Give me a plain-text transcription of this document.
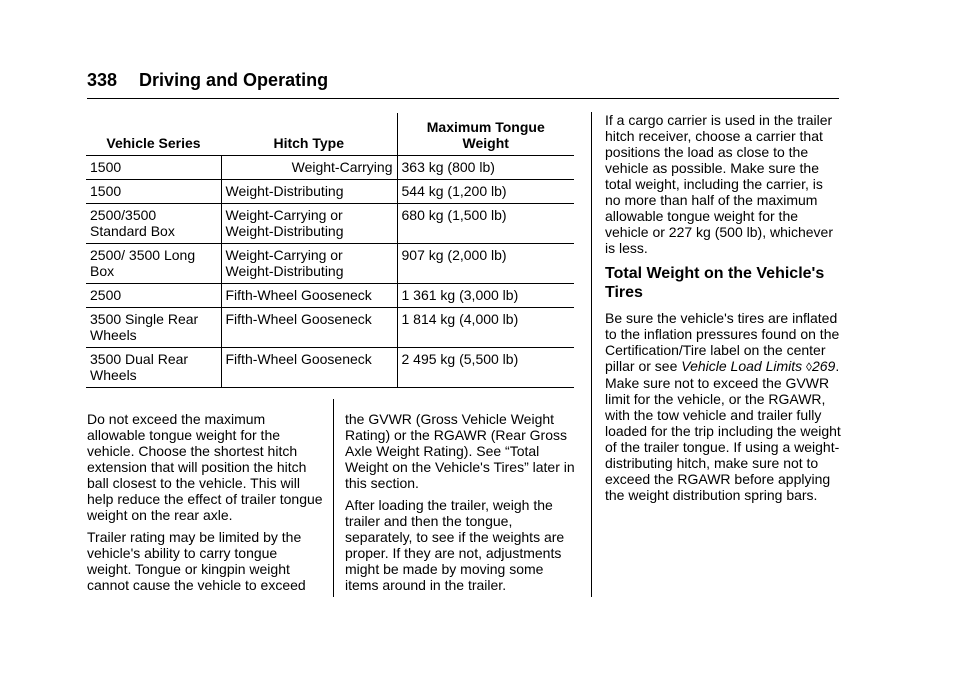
338 Driving and Operating
Vehicle Series	Hitch Type	Maximum Tongue
Weight
1500	Weight-Carrying	363 kg (800 lb)
1500	Weight-Distributing	544 kg (1,200 lb)
2500/3500 Standard Box	Weight-Carrying or Weight-Distributing	680 kg (1,500 lb)
2500/ 3500 Long Box	Weight-Carrying or Weight-Distributing	907 kg (2,000 lb)
2500	Fifth-Wheel Gooseneck	1 361 kg (3,000 lb)
3500 Single Rear Wheels	Fifth-Wheel Gooseneck	1 814 kg (4,000 lb)
3500 Dual Rear Wheels	Fifth-Wheel Gooseneck	2 495 kg (5,500 lb)

Do not exceed the maximum allowable tongue weight for the vehicle. Choose the shortest hitch extension that will position the hitch ball closest to the vehicle. This will help reduce the effect of trailer tongue weight on the rear axle.

Trailer rating may be limited by the vehicle's ability to carry tongue weight. Tongue or kingpin weight cannot cause the vehicle to exceed

the GVWR (Gross Vehicle Weight Rating) or the RGAWR (Rear Gross Axle Weight Rating). See “Total Weight on the Vehicle's Tires” later in this section.

After loading the trailer, weigh the trailer and then the tongue, separately, to see if the weights are proper. If they are not, adjustments might be made by moving some items around in the trailer.

If a cargo carrier is used in the trailer hitch receiver, choose a carrier that positions the load as close to the vehicle as possible. Make sure the total weight, including the carrier, is no more than half of the maximum allowable tongue weight for the vehicle or 227 kg (500 lb), whichever is less.

Total Weight on the Vehicle's Tires

Be sure the vehicle's tires are inflated to the inflation pressures found on the Certification/Tire label on the center pillar or see Vehicle Load Limits ◊269. Make sure not to exceed the GVWR limit for the vehicle, or the RGAWR, with the tow vehicle and trailer fully loaded for the trip including the weight of the trailer tongue. If using a weight-distributing hitch, make sure not to exceed the RGAWR before applying the weight distribution spring bars.
